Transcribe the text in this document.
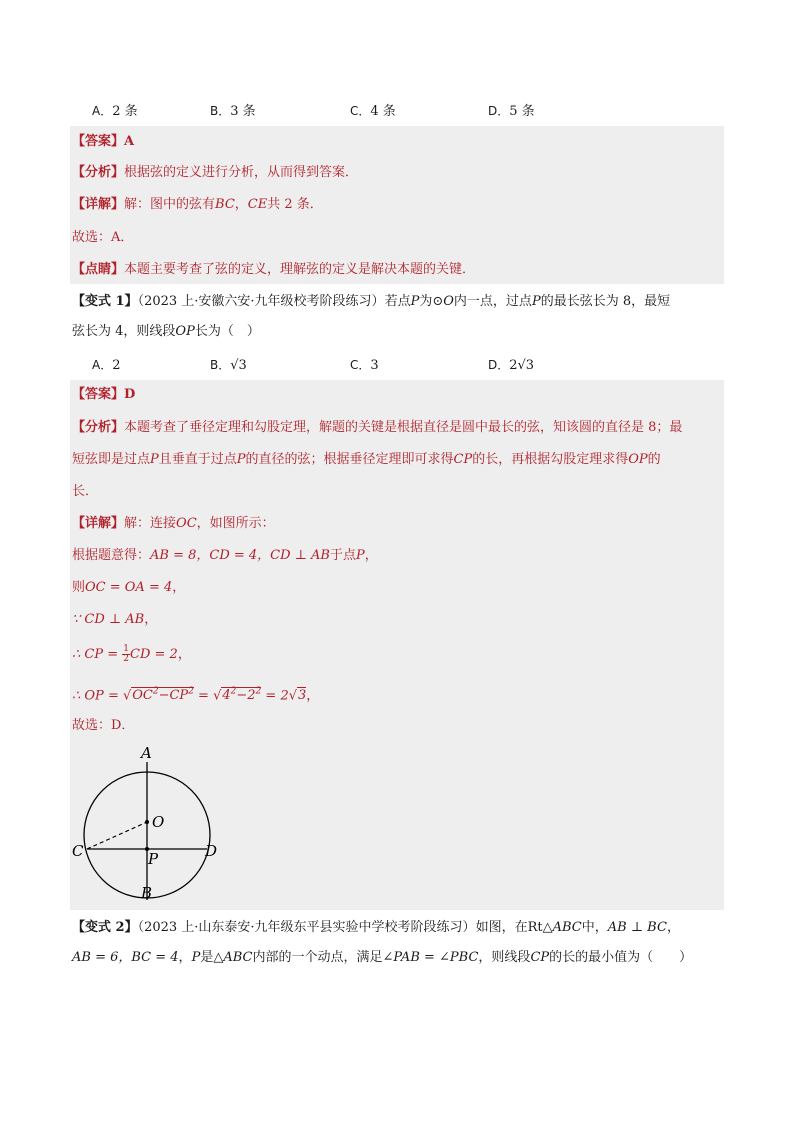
A．2 条	B．3 条	C．4 条	D．5 条
【答案】A
【分析】根据弦的定义进行分析，从而得到答案．
【详解】解：图中的弦有BC，CE共 2 条．
故选：A．
【点睛】本题主要考查了弦的定义，理解弦的定义是解决本题的关键．
【变式 1】（2023 上·安徽六安·九年级校考阶段练习）若点P为⊙O内一点，过点P的最长弦长为 8，最短
弦长为 4，则线段OP长为（　）
A．2	B．√3	C．3	D．2√3
【答案】D
【分析】本题考查了垂径定理和勾股定理，解题的关键是根据直径是圆中最长的弦，知该圆的直径是 8；最
短弦即是过点P且垂直于过点P的直径的弦；根据垂径定理即可求得CP的长，再根据勾股定理求得OP的
长．
【详解】解：连接OC，如图所示：
根据题意得：AB = 8，CD = 4，CD ⊥ AB于点P，
则OC = OA = 4，
∵ CD ⊥ AB，
∴ CP = $\frac{1}{2}$ CD = 2，
∴ OP = $√OC^2-CP^2 = √4^2-2^2 = 2√3$，
故选：D．
A
O
C	P	D
B
【变式 2】（2023 上·山东泰安·九年级东平县实验中学校考阶段练习）如图，在Rt△ABC中，AB ⊥ BC，
AB = 6，BC = 4，P是△ABC内部的一个动点，满足∠PAB = ∠PBC，则线段CP的长的最小值为（　　）
